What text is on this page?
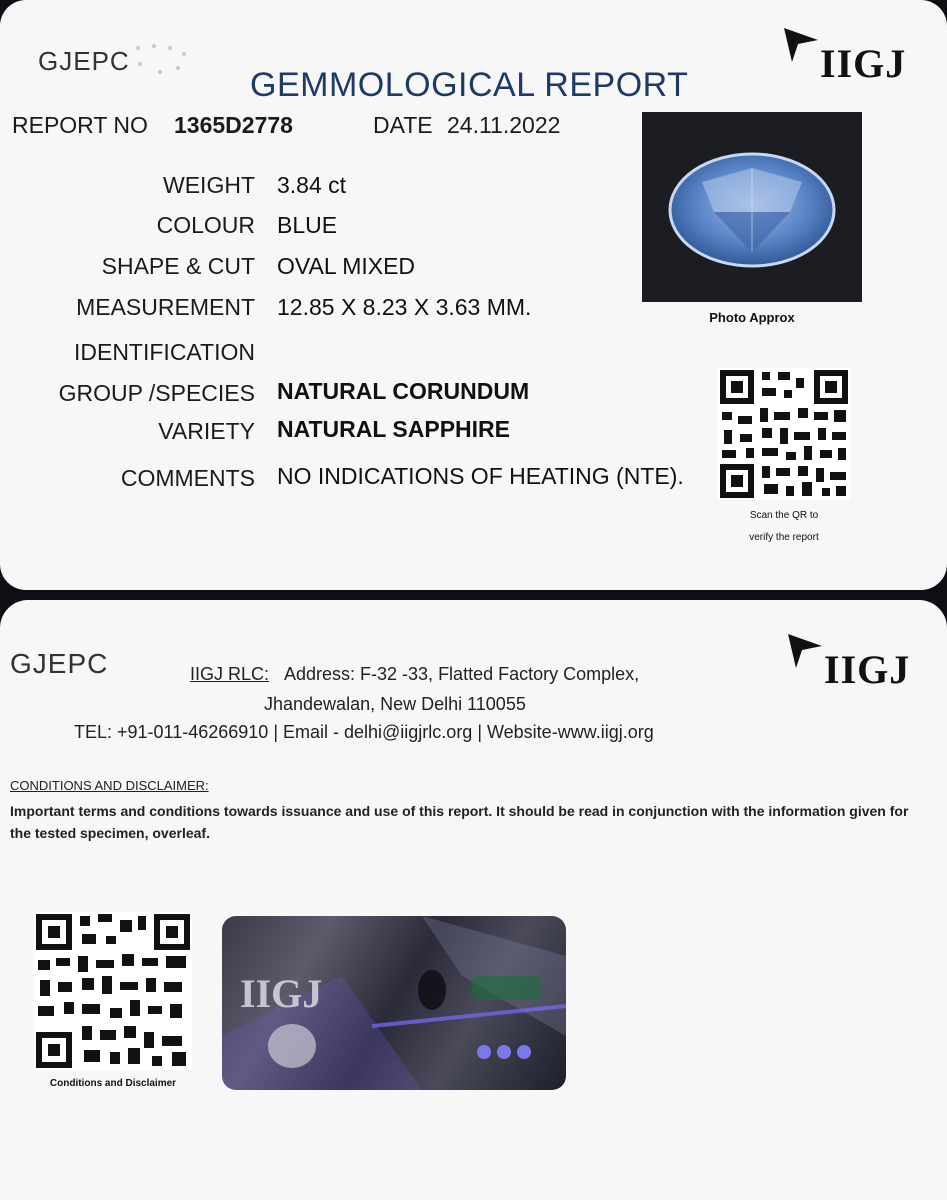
GJEPC	IIGJ
GEMMOLOGICAL REPORT
REPORT NO 1365D2778	DATE 24.11.2022
WEIGHT 3.84 ct
COLOUR BLUE
SHAPE & CUT OVAL MIXED
MEASUREMENT 12.85 X 8.23 X 3.63 MM.
IDENTIFICATION
GROUP /SPECIES NATURAL CORUNDUM
VARIETY NATURAL SAPPHIRE
COMMENTS NO INDICATIONS OF HEATING (NTE).
Photo Approx
Scan the QR to
verify the report
GJEPC	IIGJ
IIGJ RLC: Address: F-32 -33, Flatted Factory Complex,
Jhandewalan, New Delhi 110055
TEL: +91-011-46266910 | Email - delhi@iigjrlc.org | Website-www.iigj.org
CONDITIONS AND DISCLAIMER:
Important terms and conditions towards issuance and use of this report. It should be read in conjunction with the information given for the tested specimen, overleaf.
Conditions and Disclaimer
IIGJ
